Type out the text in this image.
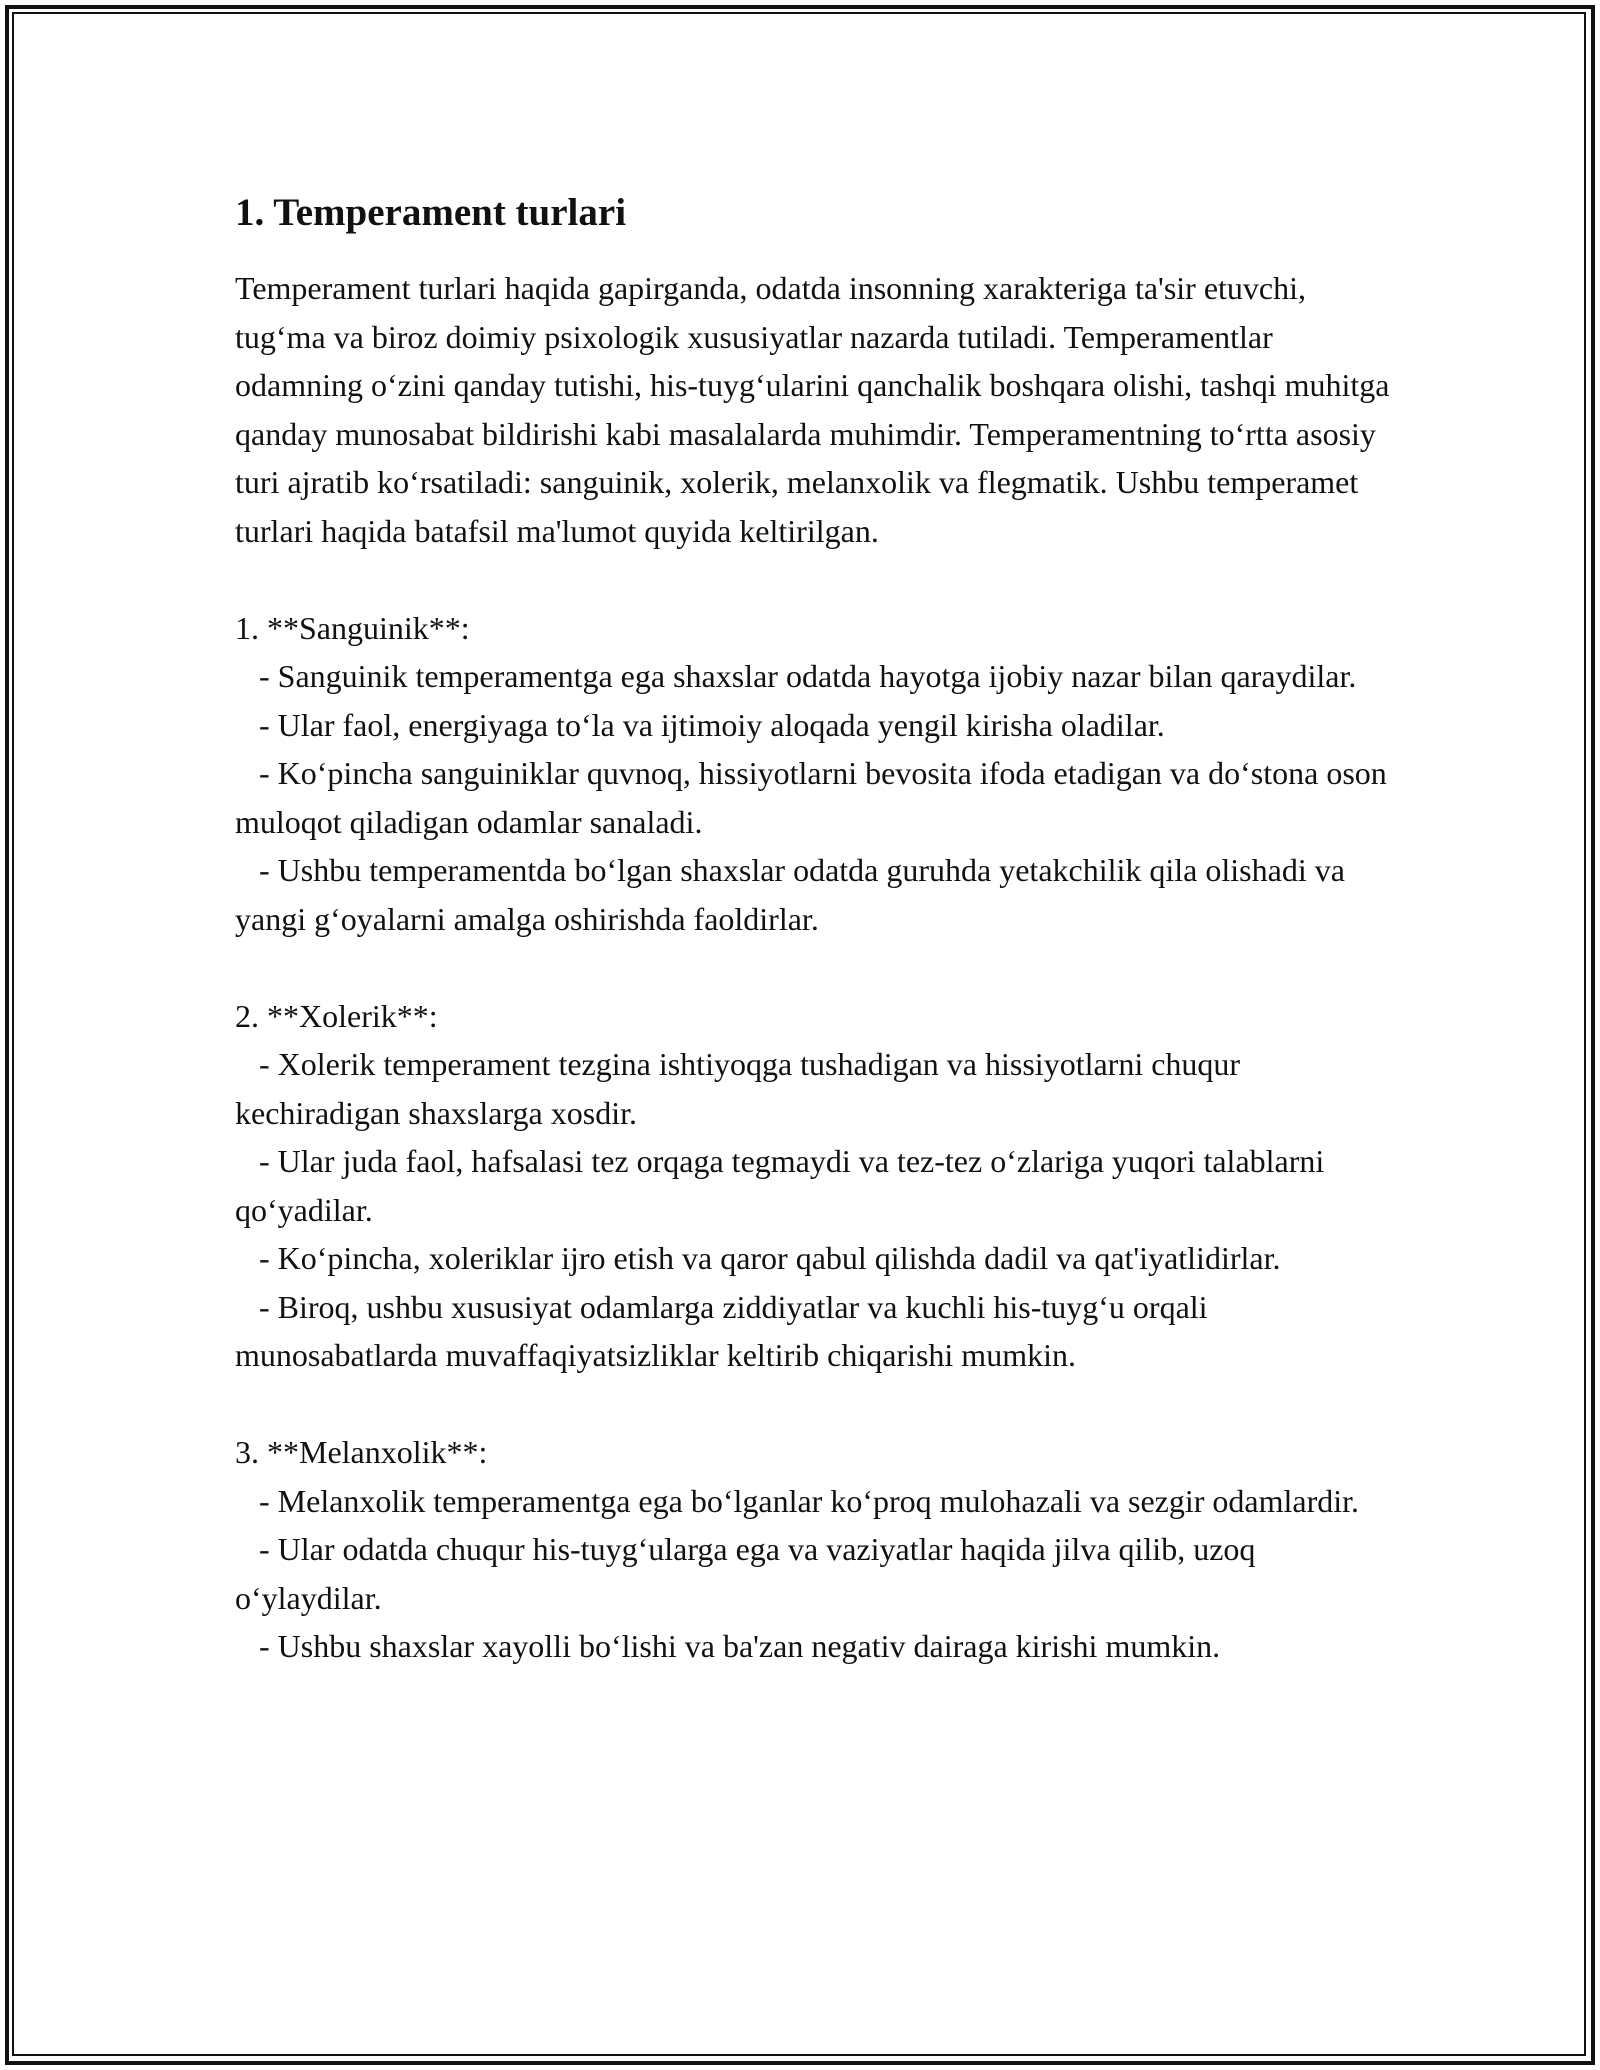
1. Temperament turlari

Temperament turlari haqida gapirganda, odatda insonning xarakteriga ta'sir etuvchi, tug‘ma va biroz doimiy psixologik xususiyatlar nazarda tutiladi. Temperamentlar odamning o‘zini qanday tutishi, his-tuyg‘ularini qanchalik boshqara olishi, tashqi muhitga qanday munosabat bildirishi kabi masalalarda muhimdir. Temperamentning to‘rtta asosiy turi ajratib ko‘rsatiladi: sanguinik, xolerik, melanxolik va flegmatik. Ushbu temperamet turlari haqida batafsil ma'lumot quyida keltirilgan.

1. **Sanguinik**:

- Sanguinik temperamentga ega shaxslar odatda hayotga ijobiy nazar bilan qaraydilar.

- Ular faol, energiyaga to‘la va ijtimoiy aloqada yengil kirisha oladilar.

- Ko‘pincha sanguiniklar quvnoq, hissiyotlarni bevosita ifoda etadigan va do‘stona oson muloqot qiladigan odamlar sanaladi.

- Ushbu temperamentda bo‘lgan shaxslar odatda guruhda yetakchilik qila olishadi va yangi g‘oyalarni amalga oshirishda faoldirlar.

2. **Xolerik**:

- Xolerik temperament tezgina ishtiyoqga tushadigan va hissiyotlarni chuqur kechiradigan shaxslarga xosdir.

- Ular juda faol, hafsalasi tez orqaga tegmaydi va tez-tez o‘zlariga yuqori talablarni qo‘yadilar.

- Ko‘pincha, xoleriklar ijro etish va qaror qabul qilishda dadil va qat'iyatlidirlar.

- Biroq, ushbu xususiyat odamlarga ziddiyatlar va kuchli his-tuyg‘u orqali munosabatlarda muvaffaqiyatsizliklar keltirib chiqarishi mumkin.

3. **Melanxolik**:

- Melanxolik temperamentga ega bo‘lganlar ko‘proq mulohazali va sezgir odamlardir.

- Ular odatda chuqur his-tuyg‘ularga ega va vaziyatlar haqida jilva qilib, uzoq o‘ylaydilar.

- Ushbu shaxslar xayolli bo‘lishi va ba'zan negativ dairaga kirishi mumkin.
